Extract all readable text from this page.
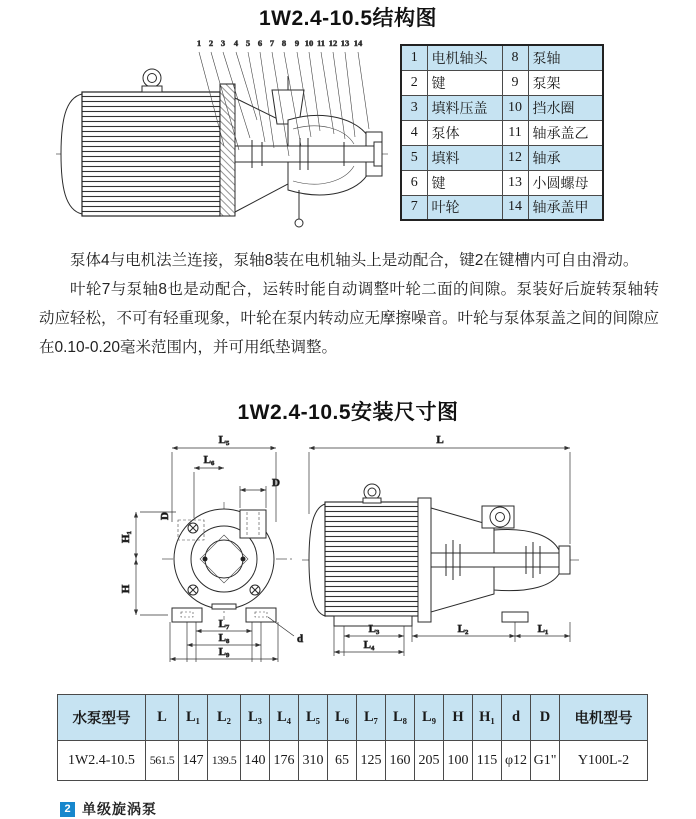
1W2.4-10.5结构图
1 2 3 4 5 6 7 8 9 10 11 12 13 14
1	电机轴头	8	泵轴
2	键	9	泵架
3	填料压盖	10	挡水圈
4	泵体	11	轴承盖乙
5	填料	12	轴承
6	键	13	小圆螺母
7	叶轮	14	轴承盖甲

泵体4与电机法兰连接，泵轴8装在电机轴头上是动配合，键2在键槽内可自由滑动。

叶轮7与泵轴8也是动配合，运转时能自动调整叶轮二面的间隙。泵装好后旋转泵轴转动应轻松，不可有轻重现象，叶轮在泵内转动应无摩擦噪音。叶轮与泵体泵盖之间的间隙应在0.10-0.20毫米范围内，并可用纸垫调整。

1W2.4-10.5安装尺寸图
L₅
L₆
D
D
H₁
H
L₇
L₈
L₉
d
L
L₃
L₄
L₂	L₁
水泵型号	L	L₁	L₂	L₃	L₄	L₅	L₆	L₇	L₈	L₉	H	H₁	d	D	电机型号
1W2.4-10.5	561.5	147	139.5	140	176	310	65	125	160	205	100	115	φ12	G1"	Y100L-2
2 单级旋涡泵
